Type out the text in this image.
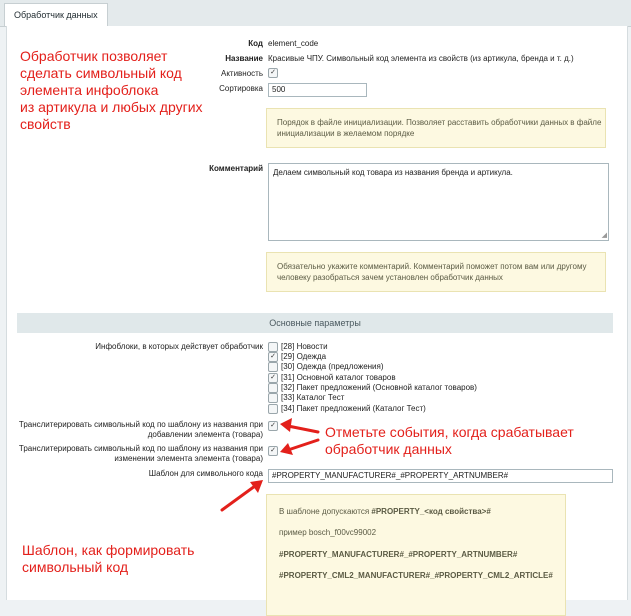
Обработчик данных
Код element_code
Название Красивые ЧПУ. Символьный код элемента из свойств (из артикула, бренда и т. д.)
Активность ✓
Сортировка	500
Порядок в файле инициализации. Позволяет расставить обработчики данных в файле
инициализации в желаемом порядке
Комментарий Делаем символьный код товара из названия бренда и артикула.
◢
Обязательно укажите комментарий. Комментарий поможет потом вам или другому
человеку разобраться зачем установлен обработчик данных
Основные параметры
Инфоблоки, в которых действует обработчик [28] Новости
✓ [29] Одежда
[30] Одежда (предложения)
✓ [31] Основной каталог товаров
[32] Пакет предложений (Основной каталог товаров)
[33] Каталог Тест
[34] Пакет предложений (Каталог Тест)
Транслитерировать символьный код по шаблону из названия при
добавлении элемента (товара)
✓
Транслитерировать символьный код по шаблону из названия при
изменении элемента элемента (товара)
✓
Шаблон для символьного кода	#PROPERTY_MANUFACTURER#_#PROPERTY_ARTNUMBER#
В шаблоне допускаются #PROPERTY_<код свойства>#
пример bosch_f00vc99002
#PROPERTY_MANUFACTURER#_#PROPERTY_ARTNUMBER#
#PROPERTY_CML2_MANUFACTURER#_#PROPERTY_CML2_ARTICLE#
Обработчик позволяет
сделать символьный код
элемента инфоблока
из артикула и любых других
свойств
Отметьте события, когда срабатывает
обработчик данных
Шаблон, как формировать
символьный код
